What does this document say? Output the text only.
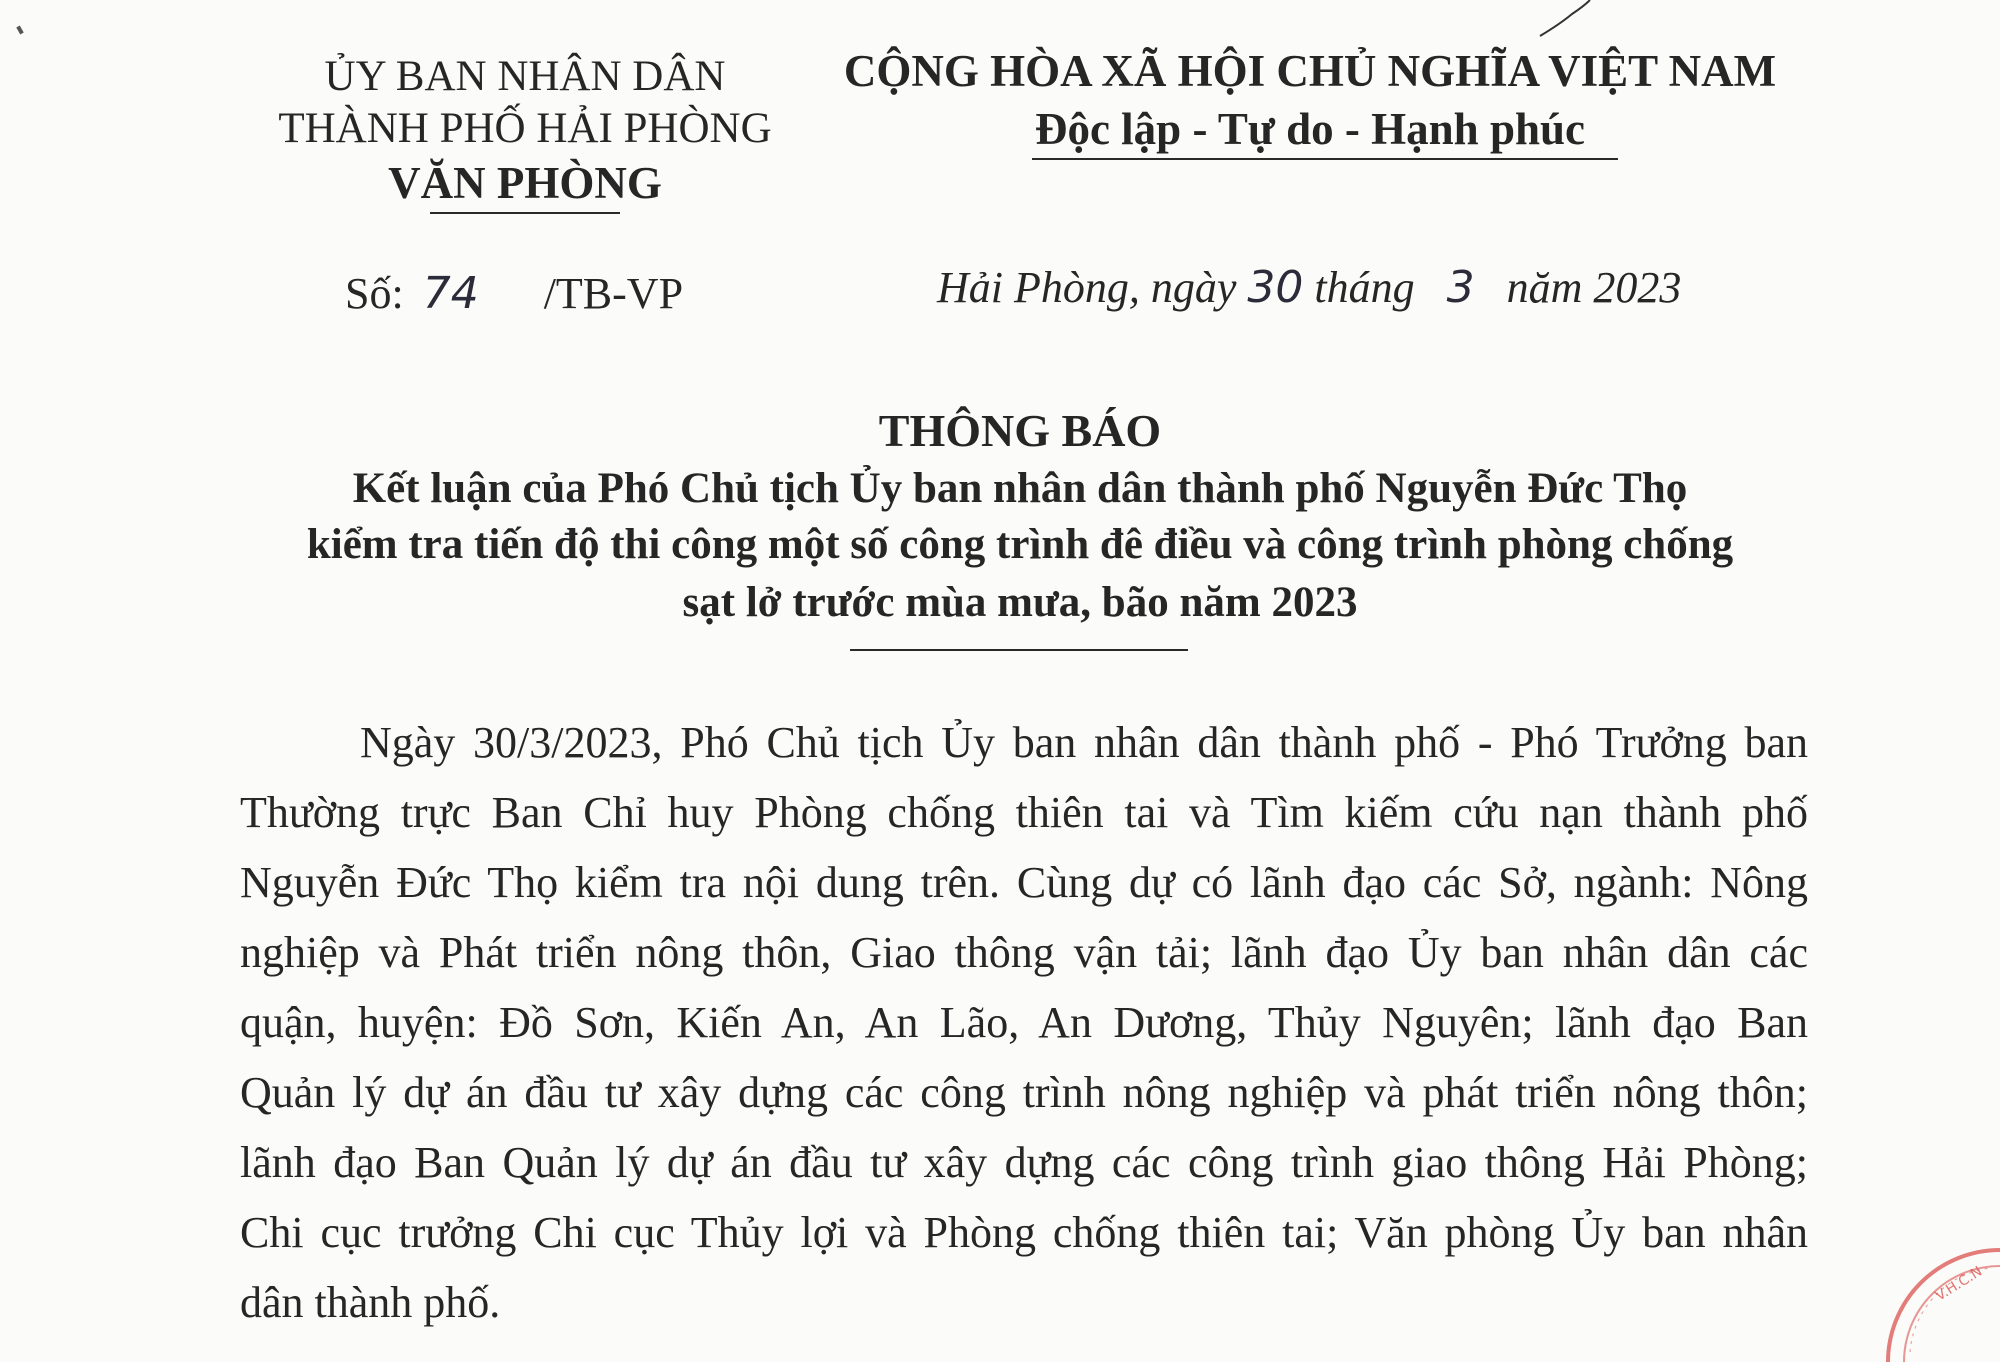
ỦY BAN NHÂN DÂN
THÀNH PHỐ HẢI PHÒNG
VĂN PHÒNG
CỘNG HÒA XÃ HỘI CHỦ NGHĨA VIỆT NAM
Độc lập - Tự do - Hạnh phúc
Số: 74 /TB-VP	Hải Phòng, ngày 30 tháng 3 năm 2023
THÔNG BÁO
Kết luận của Phó Chủ tịch Ủy ban nhân dân thành phố Nguyễn Đức Thọ
kiểm tra tiến độ thi công một số công trình đê điều và công trình phòng chống
sạt lở trước mùa mưa, bão năm 2023
Ngày 30/3/2023, Phó Chủ tịch Ủy ban nhân dân thành phố - Phó Trưởng ban
Thường trực Ban Chỉ huy Phòng chống thiên tai và Tìm kiếm cứu nạn thành phố
Nguyễn Đức Thọ kiểm tra nội dung trên. Cùng dự có lãnh đạo các Sở, ngành: Nông
nghiệp và Phát triển nông thôn, Giao thông vận tải; lãnh đạo Ủy ban nhân dân các
quận, huyện: Đồ Sơn, Kiến An, An Lão, An Dương, Thủy Nguyên; lãnh đạo Ban
Quản lý dự án đầu tư xây dựng các công trình nông nghiệp và phát triển nông thôn;
lãnh đạo Ban Quản lý dự án đầu tư xây dựng các công trình giao thông Hải Phòng;
Chi cục trưởng Chi cục Thủy lợi và Phòng chống thiên tai; Văn phòng Ủy ban nhân
dân thành phố.	V.H.C.N
